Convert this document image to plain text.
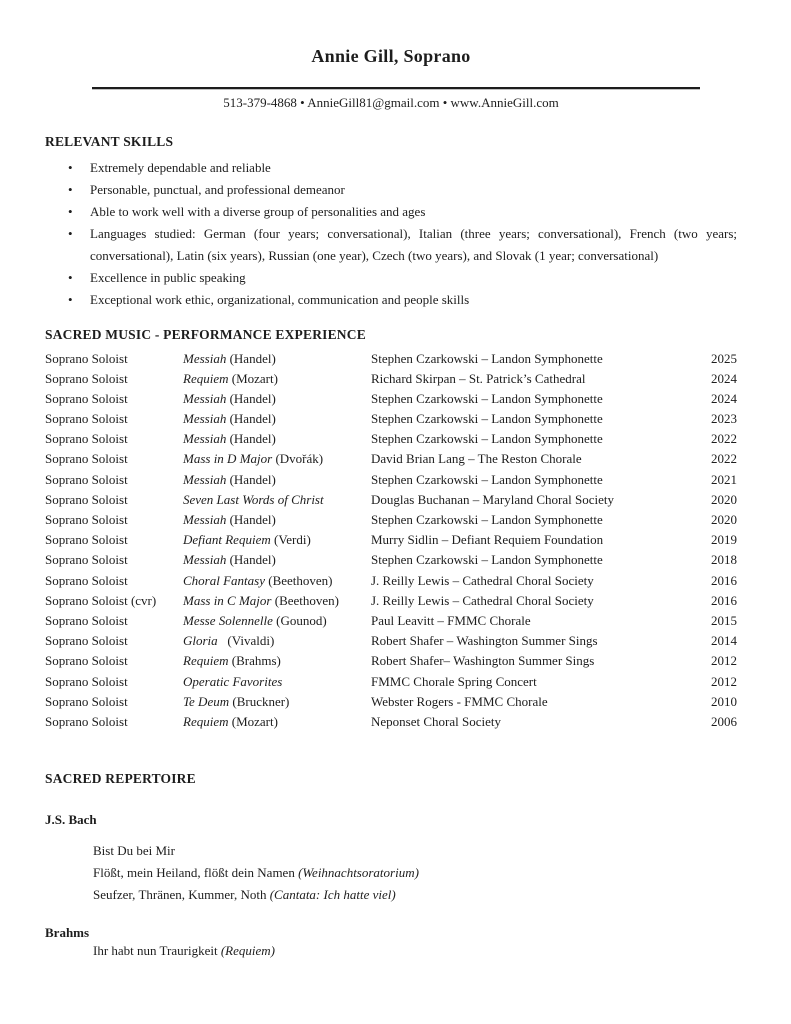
Annie Gill, Soprano
513-379-4868 • AnnieGill81@gmail.com • www.AnnieGill.com
RELEVANT SKILLS
• Extremely dependable and reliable
• Personable, punctual, and professional demeanor
• Able to work well with a diverse group of personalities and ages
• Languages studied: German (four years; conversational), Italian (three years; conversational), French (two years; conversational), Latin (six years), Russian (one year), Czech (two years), and Slovak (1 year; conversational)
• Excellence in public speaking
• Exceptional work ethic, organizational, communication and people skills
SACRED MUSIC - PERFORMANCE EXPERIENCE
Soprano Soloist	Messiah (Handel)	Stephen Czarkowski – Landon Symphonette	2025
Soprano Soloist	Requiem (Mozart)	Richard Skirpan – St. Patrick’s Cathedral	2024
Soprano Soloist	Messiah (Handel)	Stephen Czarkowski – Landon Symphonette	2024
Soprano Soloist	Messiah (Handel)	Stephen Czarkowski – Landon Symphonette	2023
Soprano Soloist	Messiah (Handel)	Stephen Czarkowski – Landon Symphonette	2022
Soprano Soloist	Mass in D Major (Dvořák)	David Brian Lang – The Reston Chorale	2022
Soprano Soloist	Messiah (Handel)	Stephen Czarkowski – Landon Symphonette	2021
Soprano Soloist	Seven Last Words of Christ	Douglas Buchanan – Maryland Choral Society	2020
Soprano Soloist	Messiah (Handel)	Stephen Czarkowski – Landon Symphonette	2020
Soprano Soloist	Defiant Requiem (Verdi)	Murry Sidlin – Defiant Requiem Foundation	2019
Soprano Soloist	Messiah (Handel)	Stephen Czarkowski – Landon Symphonette	2018
Soprano Soloist	Choral Fantasy (Beethoven)	J. Reilly Lewis – Cathedral Choral Society	2016
Soprano Soloist (cvr)	Mass in C Major (Beethoven)	J. Reilly Lewis – Cathedral Choral Society	2016
Soprano Soloist	Messe Solennelle (Gounod)	Paul Leavitt – FMMC Chorale	2015
Soprano Soloist	Gloria  (Vivaldi)	Robert Shafer – Washington Summer Sings	2014
Soprano Soloist	Requiem (Brahms)	Robert Shafer– Washington Summer Sings	2012
Soprano Soloist	Operatic Favorites	FMMC Chorale Spring Concert	2012
Soprano Soloist	Te Deum (Bruckner)	Webster Rogers - FMMC Chorale	2010
Soprano Soloist	Requiem (Mozart)	Neponset Choral Society	2006
SACRED REPERTOIRE
J.S. Bach

Bist Du bei Mir

Flößt, mein Heiland, flößt dein Namen (Weihnachtsoratorium)

Seufzer, Thränen, Kummer, Noth (Cantata: Ich hatte viel)

Brahms

Ihr habt nun Traurigkeit (Requiem)
